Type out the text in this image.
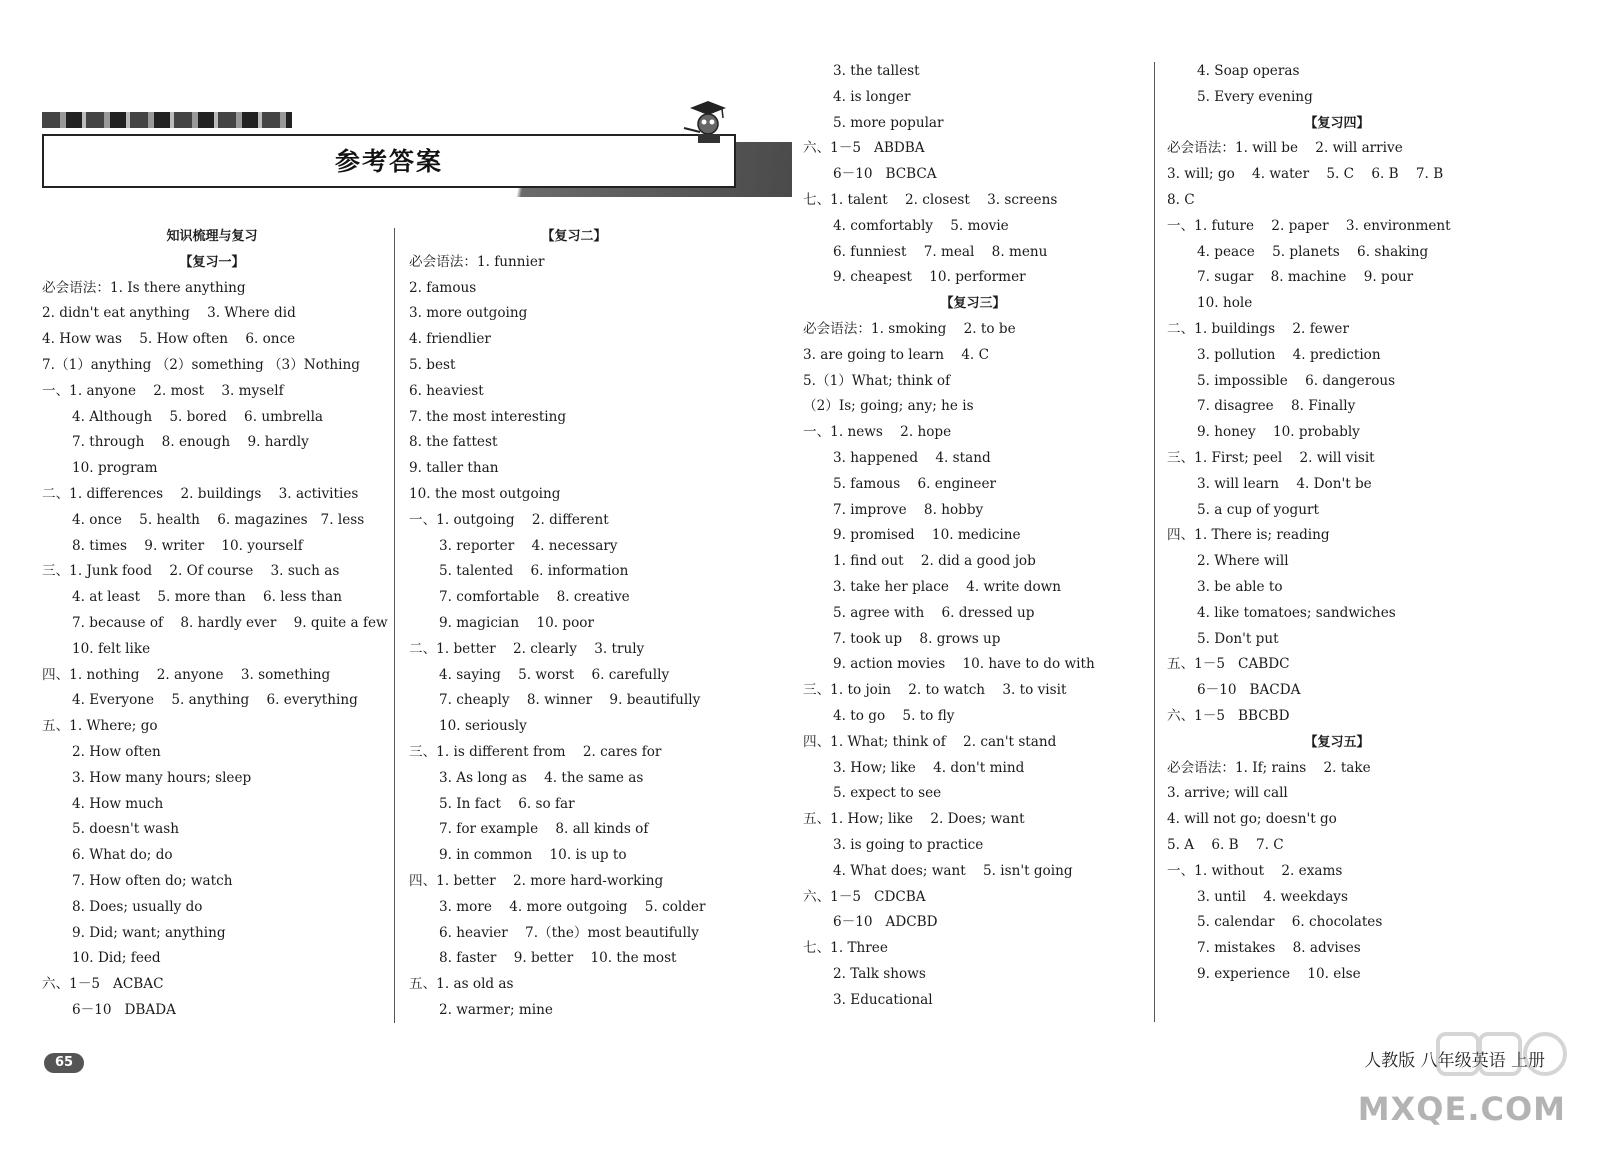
参考答案
知识梳理与复习
【复习一】
必会语法：1. Is there anything
2. didn't eat anything    3. Where did
4. How was    5. How often    6. once
7.（1）anything （2）something （3）Nothing
一、1. anyone    2. most    3. myself
4. Although    5. bored    6. umbrella
7. through    8. enough    9. hardly
10. program
二、1. differences    2. buildings    3. activities
4. once    5. health    6. magazines   7. less
8. times    9. writer    10. yourself
三、1. Junk food    2. Of course    3. such as
4. at least    5. more than    6. less than
7. because of    8. hardly ever    9. quite a few
10. felt like
四、1. nothing    2. anyone    3. something
4. Everyone    5. anything    6. everything
五、1. Where; go
2. How often
3. How many hours; sleep
4. How much
5. doesn't wash
6. What do; do
7. How often do; watch
8. Does; usually do
9. Did; want; anything
10. Did; feed
六、1－5   ACBAC
6－10   DBADA
【复习二】
必会语法：1. funnier
2. famous
3. more outgoing
4. friendlier
5. best
6. heaviest
7. the most interesting
8. the fattest
9. taller than
10. the most outgoing
一、1. outgoing    2. different
3. reporter    4. necessary
5. talented    6. information
7. comfortable    8. creative
9. magician    10. poor
二、1. better    2. clearly    3. truly
4. saying    5. worst    6. carefully
7. cheaply    8. winner    9. beautifully
10. seriously
三、1. is different from    2. cares for
3. As long as    4. the same as
5. In fact    6. so far
7. for example    8. all kinds of
9. in common    10. is up to
四、1. better    2. more hard-working
3. more    4. more outgoing    5. colder
6. heavier    7.（the）most beautifully
8. faster    9. better    10. the most
五、1. as old as
2. warmer; mine
65
3. the tallest
4. is longer
5. more popular
六、1－5   ABDBA
6－10   BCBCA
七、1. talent    2. closest    3. screens
4. comfortably    5. movie
6. funniest    7. meal    8. menu
9. cheapest    10. performer
【复习三】
必会语法：1. smoking    2. to be
3. are going to learn    4. C
5.（1）What; think of
（2）Is; going; any; he is
一、1. news    2. hope
3. happened    4. stand
5. famous    6. engineer
7. improve    8. hobby
9. promised    10. medicine
1. find out    2. did a good job
3. take her place    4. write down
5. agree with    6. dressed up
7. took up    8. grows up
9. action movies    10. have to do with
三、1. to join    2. to watch    3. to visit
4. to go    5. to fly
四、1. What; think of    2. can't stand
3. How; like    4. don't mind
5. expect to see
五、1. How; like    2. Does; want
3. is going to practice
4. What does; want    5. isn't going
六、1－5   CDCBA
6－10   ADCBD
七、1. Three
2. Talk shows
3. Educational
4. Soap operas
5. Every evening
【复习四】
必会语法：1. will be    2. will arrive
3. will; go    4. water    5. C    6. B    7. B
8. C
一、1. future    2. paper    3. environment
4. peace    5. planets    6. shaking
7. sugar    8. machine    9. pour
10. hole
二、1. buildings    2. fewer
3. pollution    4. prediction
5. impossible    6. dangerous
7. disagree    8. Finally
9. honey    10. probably
三、1. First; peel    2. will visit
3. will learn    4. Don't be
5. a cup of yogurt
四、1. There is; reading
2. Where will
3. be able to
4. like tomatoes; sandwiches
5. Don't put
五、1－5   CABDC
6－10   BACDA
六、1－5   BBCBD
【复习五】
必会语法：1. If; rains    2. take
3. arrive; will call
4. will not go; doesn't go
5. A    6. B    7. C
一、1. without    2. exams
3. until    4. weekdays
5. calendar    6. chocolates
7. mistakes    8. advises
9. experience    10. else
人教版 八年级英语 上册
MXQE.COM
